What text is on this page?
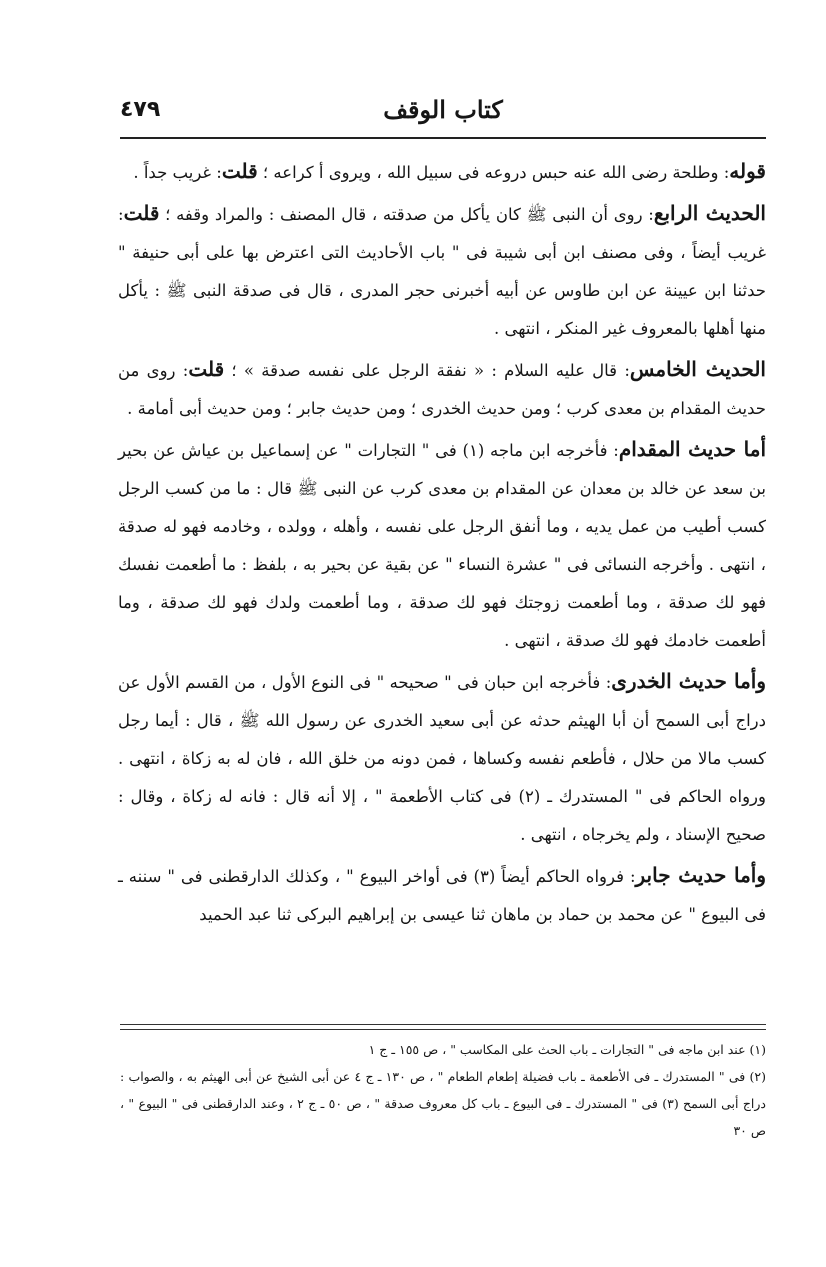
كتاب الوقف
٤٧٩

قوله: وطلحة رضى الله عنه حبس دروعه فى سبيل الله ، ويروى أ كراعه ؛ قلت: غريب جداً .

الحديث الرابع: روى أن النبى ﷺ كان يأكل من صدقته ، قال المصنف : والمراد وقفه ؛ قلت: غريب أيضاً ، وفى مصنف ابن أبى شيبة فى " باب الأحاديث التى اعترض بها على أبى حنيفة " حدثنا ابن عيينة عن ابن طاوس عن أبيه أخبرنى حجر المدرى ، قال فى صدقة النبى ﷺ : يأكل منها أهلها بالمعروف غير المنكر ، انتهى .

الحديث الخامس: قال عليه السلام : « نفقة الرجل على نفسه صدقة » ؛ قلت: روى من حديث المقدام بن معدى كرب ؛ ومن حديث الخدرى ؛ ومن حديث جابر ؛ ومن حديث أبى أمامة .

أما حديث المقدام: فأخرجه ابن ماجه (١) فى " التجارات " عن إسماعيل بن عياش عن بحير بن سعد عن خالد بن معدان عن المقدام بن معدى كرب عن النبى ﷺ قال : ما من كسب الرجل كسب أطيب من عمل يديه ، وما أنفق الرجل على نفسه ، وأهله ، وولده ، وخادمه فهو له صدقة ، انتهى . وأخرجه النسائى فى " عشرة النساء " عن بقية عن بحير به ، بلفظ : ما أطعمت نفسك فهو لك صدقة ، وما أطعمت زوجتك فهو لك صدقة ، وما أطعمت ولدك فهو لك صدقة ، وما أطعمت خادمك فهو لك صدقة ، انتهى .

وأما حديث الخدرى: فأخرجه ابن حبان فى " صحيحه " فى النوع الأول ، من القسم الأول عن دراج أبى السمح أن أبا الهيثم حدثه عن أبى سعيد الخدرى عن رسول الله ﷺ ، قال : أيما رجل كسب مالا من حلال ، فأطعم نفسه وكساها ، فمن دونه من خلق الله ، فان له به زكاة ، انتهى . ورواه الحاكم فى " المستدرك ـ (٢) فى كتاب الأطعمة " ، إلا أنه قال : فانه له زكاة ، وقال : صحيح الإسناد ، ولم يخرجاه ، انتهى .

وأما حديث جابر: فرواه الحاكم أيضاً (٣) فى أواخر البيوع " ، وكذلك الدارقطنى فى " سننه ـ فى البيوع " عن محمد بن حماد بن ماهان ثنا عيسى بن إبراهيم البركى ثنا عبد الحميد

(١) عند ابن ماجه فى " التجارات ـ باب الحث على المكاسب " ، ص ١٥٥ ـ ج ١

(٢) فى " المستدرك ـ فى الأطعمة ـ باب فضيلة إطعام الطعام " ، ص ١٣٠ ـ ج ٤ عن أبى الشيخ عن أبى الهيثم به ، والصواب : دراج أبى السمح (٣) فى " المستدرك ـ فى البيوع ـ باب كل معروف صدقة " ، ص ٥٠ ـ ج ٢ ، وعند الدارقطنى فى " البيوع " ، ص ٣٠
